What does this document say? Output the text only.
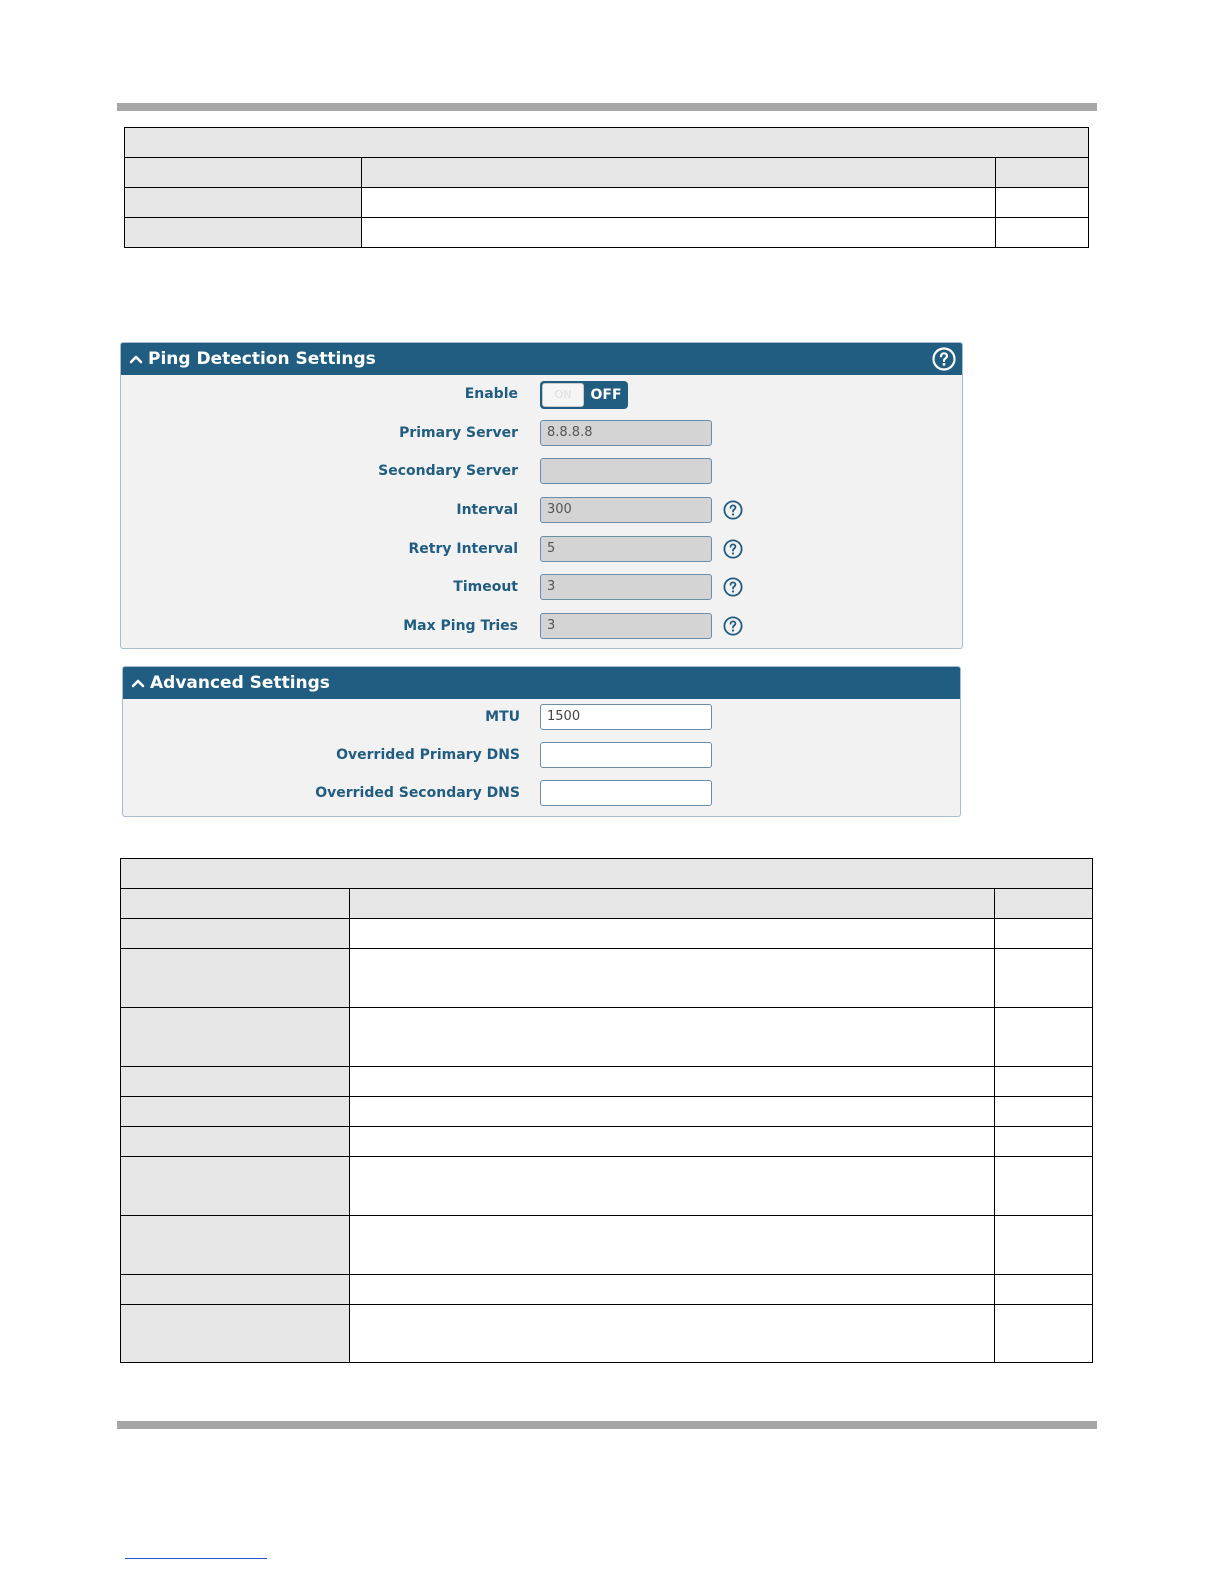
Ping Detection Settings
Enable	ON	OFF
Primary Server	8.8.8.8
Secondary Server
Interval	300
Retry Interval	5
Timeout	3
Max Ping Tries	3
Advanced Settings
MTU	1500
Overrided Primary DNS
Overrided Secondary DNS
